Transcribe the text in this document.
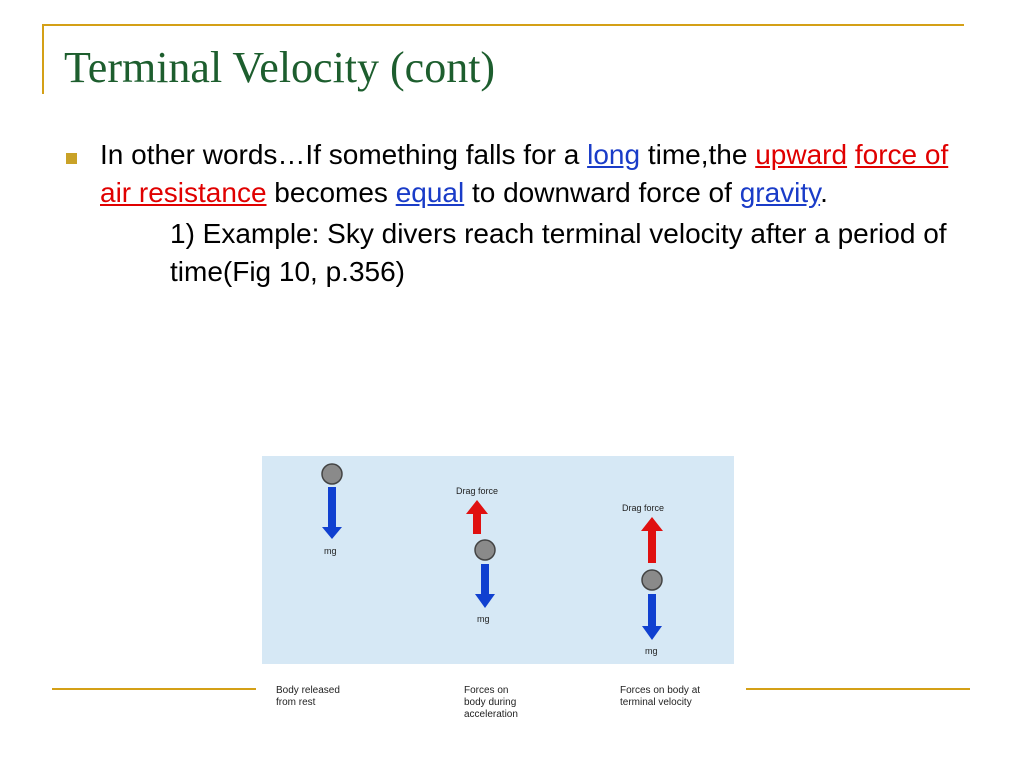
Terminal Velocity (cont)
In other words…If something falls for a long time,the upward force of air resistance becomes equal to downward force of gravity.
1) Example: Sky divers reach terminal velocity after a period of time(Fig 10, p.356)
mg
Drag force
mg
Drag force
mg
Body released
from rest
Forces on
body during
acceleration
Forces on body at
terminal velocity
